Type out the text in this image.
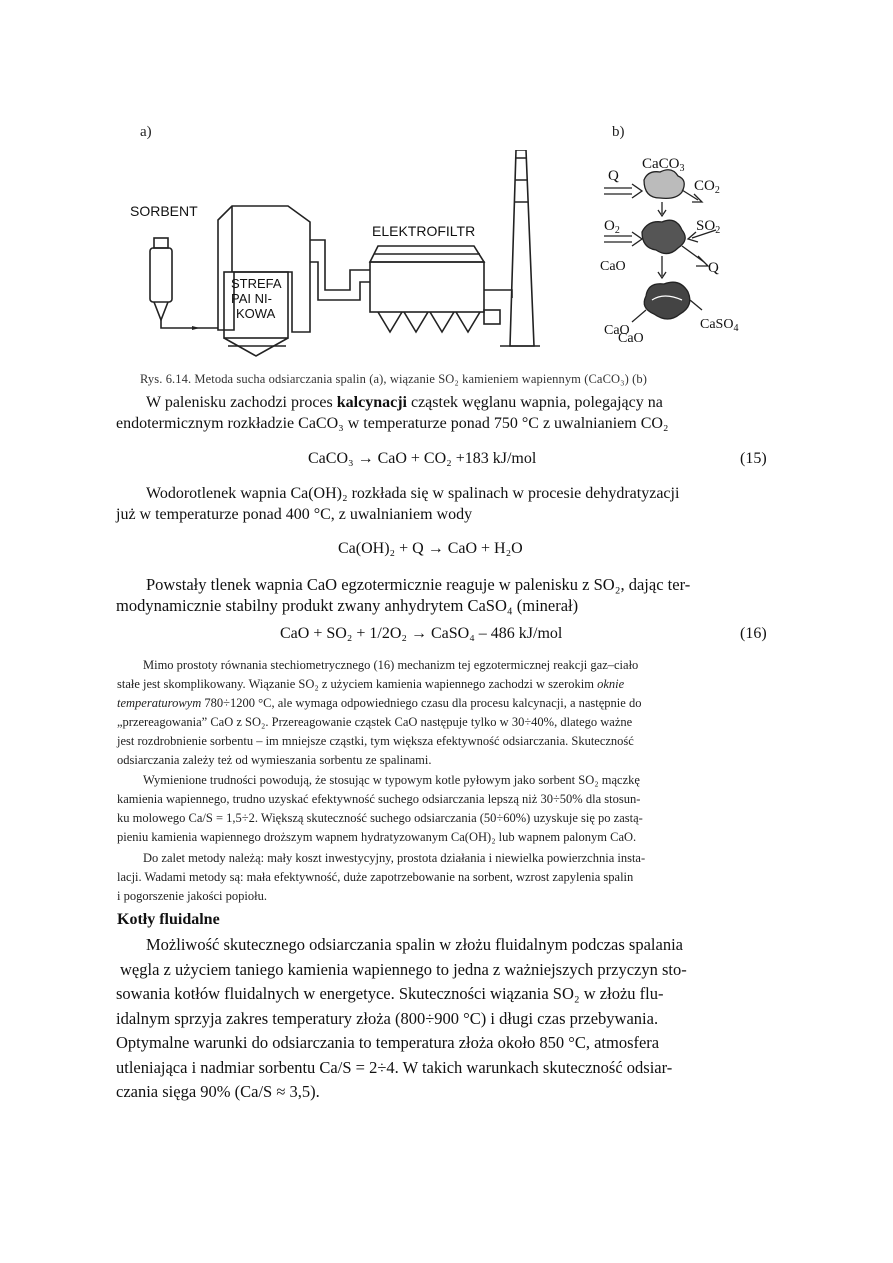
a)	b)
SORBENT
ELEKTROFILTR
STREFA
PAI NI-
KOWA
CaCO$_3$
Q
$CO_2$
$O_2$	$SO_2$
CaO	Q
CaO
CaO
CaSO$_4$
Rys. 6.14. Metoda sucha odsiarczania spalin (a), wiązanie SO₂ kamieniem wapiennym (CaCO₃) (b)
W palenisku zachodzi proces kalcynacji cząstek węglanu wapnia, polegający na
endotermicznym rozkładzie CaCO₃ w temperaturze ponad 750 °C z uwalnianiem CO₂
CaCO₃ → CaO + CO₂ +183 kJ/mol	(15)
Wodorotlenek wapnia Ca(OH)₂ rozkłada się w spalinach w procesie dehydratyzacji
już w temperaturze ponad 400 °C, z uwalnianiem wody
Ca(OH)₂ + Q → CaO + H₂O
Powstały tlenek wapnia CaO egzotermicznie reaguje w palenisku z SO₂, dając ter-
modynamicznie stabilny produkt zwany anhydrytem CaSO₄ (minerał)
CaO + SO₂ + 1/2O₂ → CaSO₄ – 486 kJ/mol	(16)
Mimo prostoty równania stechiometrycznego (16) mechanizm tej egzotermicznej reakcji gaz–ciało
stałe jest skomplikowany. Wiązanie SO₂ z użyciem kamienia wapiennego zachodzi w szerokim oknie
temperaturowym 780÷1200 °C, ale wymaga odpowiedniego czasu dla procesu kalcynacji, a następnie do
„przereagowania” CaO z SO₂. Przereagowanie cząstek CaO następuje tylko w 30÷40%, dlatego ważne
jest rozdrobnienie sorbentu – im mniejsze cząstki, tym większa efektywność odsiarczania. Skuteczność
odsiarczania zależy też od wymieszania sorbentu ze spalinami.
Wymienione trudności powodują, że stosując w typowym kotle pyłowym jako sorbent SO₂ mączkę
kamienia wapiennego, trudno uzyskać efektywność suchego odsiarczania lepszą niż 30÷50% dla stosun-
ku molowego Ca/S = 1,5÷2. Większą skuteczność suchego odsiarczania (50÷60%) uzyskuje się po zastą-
pieniu kamienia wapiennego droższym wapnem hydratyzowanym Ca(OH)₂ lub wapnem palonym CaO.
Do zalet metody należą: mały koszt inwestycyjny, prostota działania i niewielka powierzchnia insta-
lacji. Wadami metody są: mała efektywność, duże zapotrzebowanie na sorbent, wzrost zapylenia spalin
i pogorszenie jakości popiołu.
Kotły fluidalne
Możliwość skutecznego odsiarczania spalin w złożu fluidalnym podczas spalania
węgla z użyciem taniego kamienia wapiennego to jedna z ważniejszych przyczyn sto-
sowania kotłów fluidalnych w energetyce. Skuteczności wiązania SO₂ w złożu flu-
idalnym sprzyja zakres temperatury złoża (800÷900 °C) i długi czas przebywania.
Optymalne warunki do odsiarczania to temperatura złoża około 850 °C, atmosfera
utleniająca i nadmiar sorbentu Ca/S = 2÷4. W takich warunkach skuteczność odsiar-
czania sięga 90% (Ca/S ≈ 3,5).
